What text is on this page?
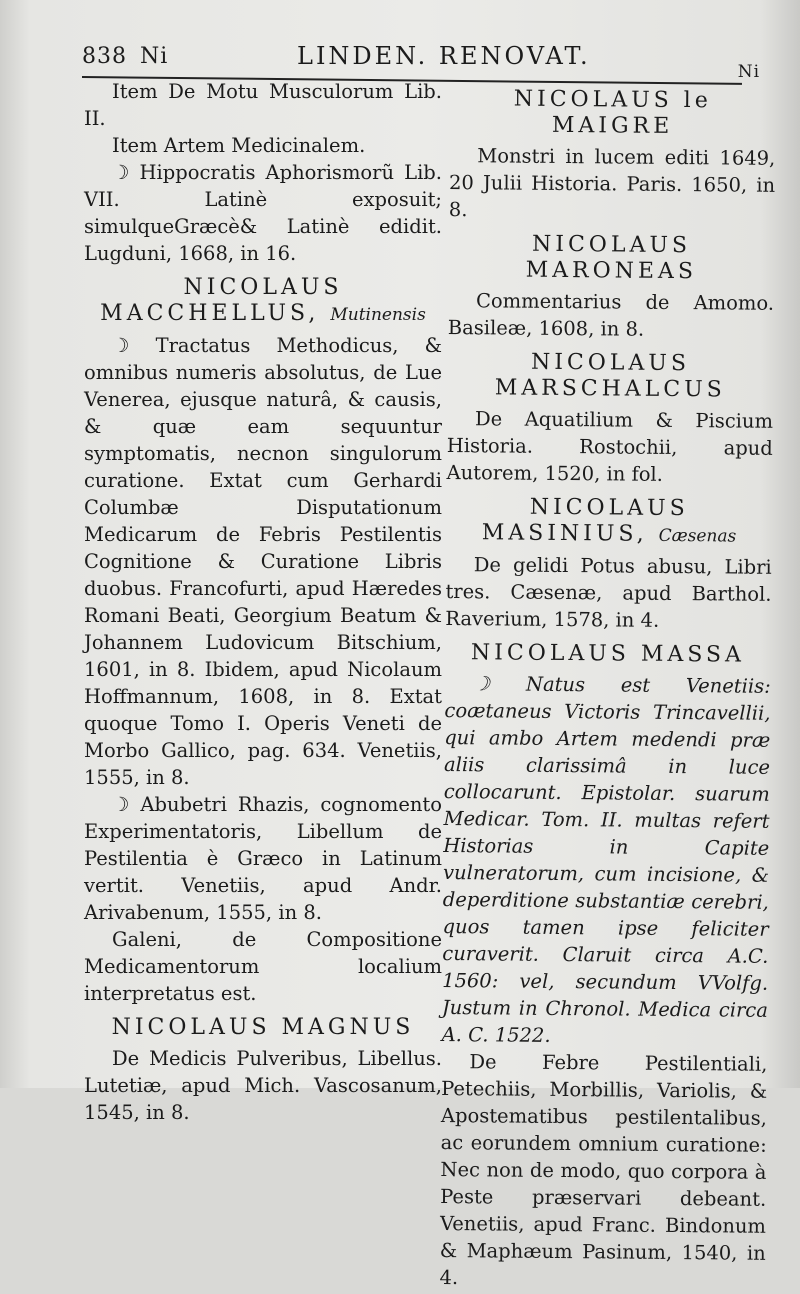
838 Ni	LINDEN. RENOVAT.
Ni

Item De Motu Musculorum Lib. II.

Item Artem Medicinalem.

☽ Hippocratis Aphorismorũ Lib. VII. Latinè exposuit; simulqueGræcè& Latinè edidit. Lugduni, 1668, in 16.

NICOLAUS MACCHELLUS, Mutinensis

☽ Tractatus Methodicus, & omnibus numeris absolutus, de Lue Venerea, ejusque naturâ, & causis, & quæ eam sequuntur symptomatis, necnon singulorum curatione. Extat cum Gerhardi Columbæ Disputationum Medicarum de Febris Pestilentis Cognitione & Curatione Libris duobus. Francofurti, apud Hæredes Romani Beati, Georgium Beatum & Johannem Ludovicum Bitschium, 1601, in 8. Ibidem, apud Nicolaum Hoffmannum, 1608, in 8. Extat quoque Tomo I. Operis Veneti de Morbo Gallico, pag. 634. Venetiis, 1555, in 8.

☽ Abubetri Rhazis, cognomento Experimentatoris, Libellum de Pestilentia è Græco in Latinum vertit. Venetiis, apud Andr. Arivabenum, 1555, in 8.

Galeni, de Compositione Medicamentorum localium interpretatus est.

NICOLAUS MAGNUS

De Medicis Pulveribus, Libellus. Lutetiæ, apud Mich. Vascosanum, 1545, in 8.

NICOLAUS le MAIGRE

Monstri in lucem editi 1649, 20 Julii Historia. Paris. 1650, in 8.

NICOLAUS MARONEAS

Commentarius de Amomo. Basileæ, 1608, in 8.

NICOLAUS MARSCHALCUS

De Aquatilium & Piscium Historia. Rostochii, apud Autorem, 1520, in fol.

NICOLAUS MASINIUS, Cæsenas

De gelidi Potus abusu, Libri tres. Cæsenæ, apud Barthol. Raverium, 1578, in 4.

NICOLAUS MASSA

☽ Natus est Venetiis: coætaneus Victoris Trincavellii, qui ambo Artem medendi præ aliis clarissimâ in luce collocarunt. Epistolar. suarum Medicar. Tom. II. multas refert Historias in Capite vulneratorum, cum incisione, & deperditione substantiæ cerebri, quos tamen ipse feliciter curaverit. Claruit circa A.C. 1560: vel, secundum VVolfg. Justum in Chronol. Medica circa A. C. 1522.

De Febre Pestilentiali, Petechiis, Morbillis, Variolis, & Apostematibus pestilentalibus, ac eorundem omnium curatione: Nec non de modo, quo corpora à Peste præservari debeant. Venetiis, apud Franc. Bindonum & Maphæum Pasinum, 1540, in 4.
